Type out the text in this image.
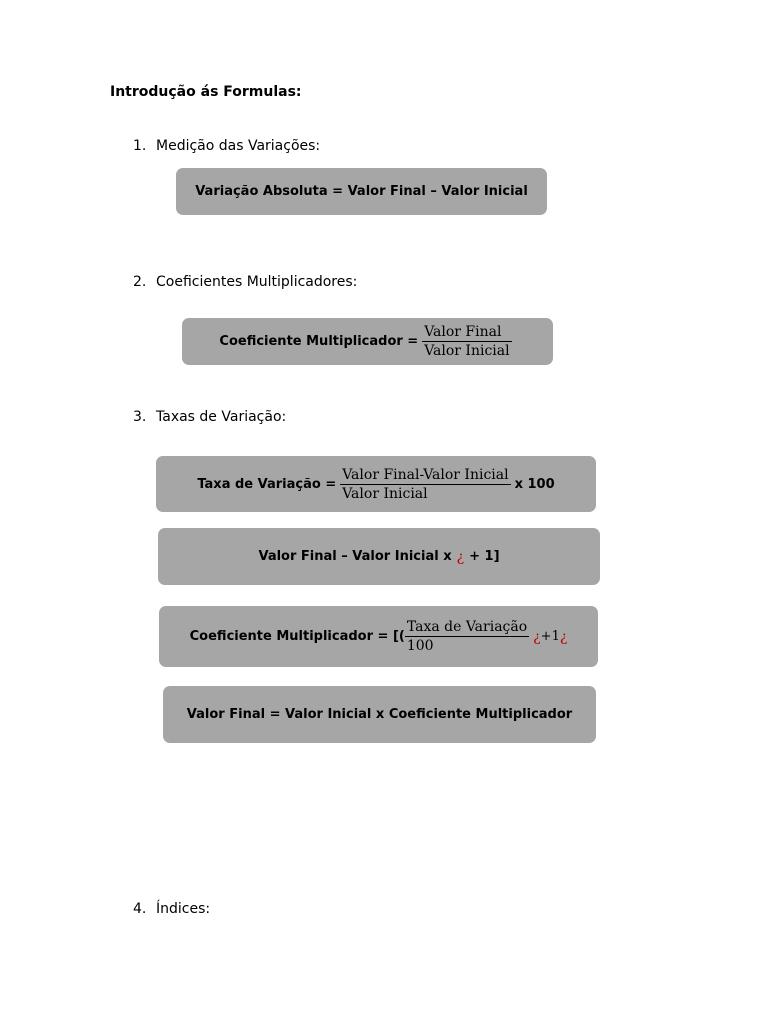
Introdução ás Formulas:
1. Medição das Variações:
Variação Absoluta = Valor Final – Valor Inicial
2. Coeficientes Multiplicadores:
Coeficiente Multiplicador = $\frac{\text{Valor Final}}{\text{Valor Inicial}}$
3. Taxas de Variação:
Taxa de Variação = $\frac{\text{Valor Final-Valor Inicial}}{\text{Valor Inicial}}$ x 100
Valor Final – Valor Inicial x ¿ + 1]
Coeficiente Multiplicador = [( $\frac{\text{Taxa de Variação}}{100}$ ¿ +1 ¿
Valor Final = Valor Inicial x Coeficiente Multiplicador
4. Índices:
